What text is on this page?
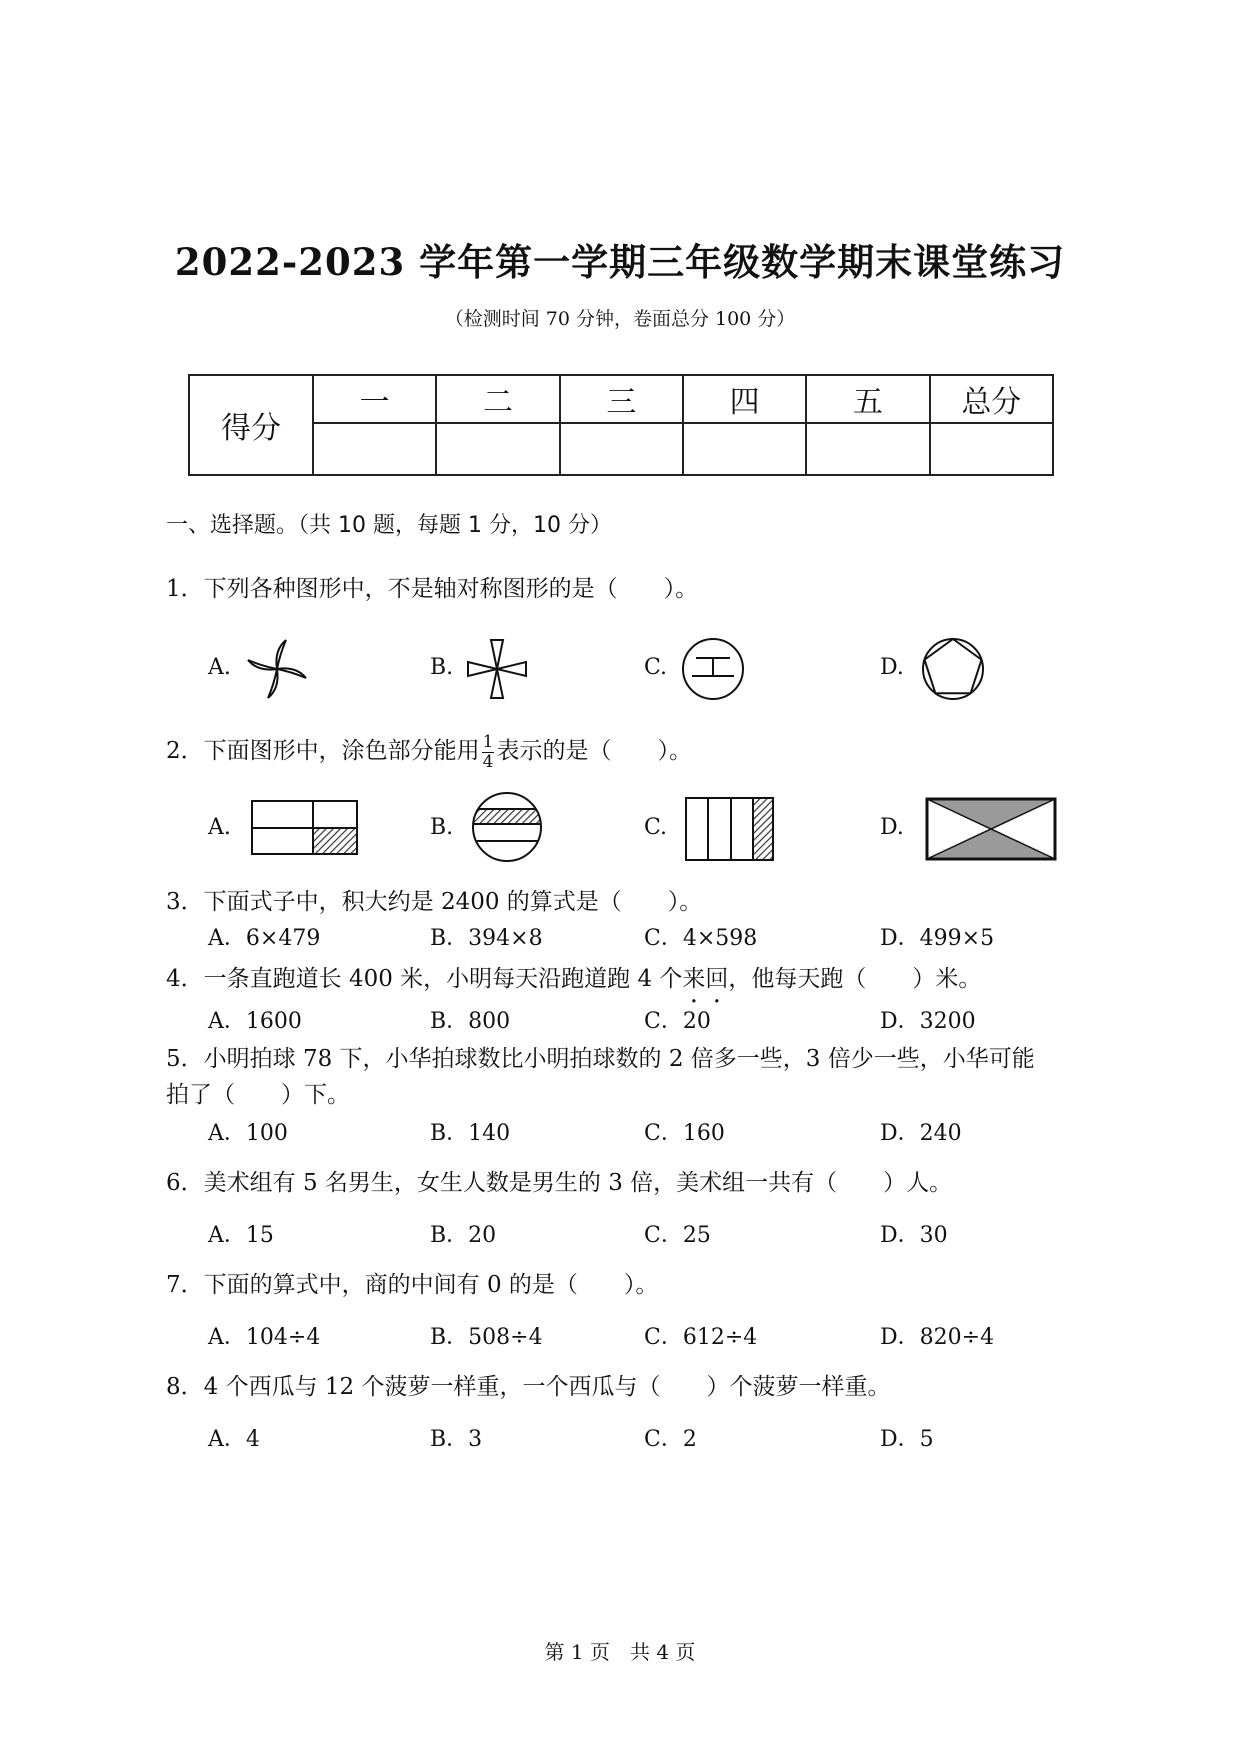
2022-2023 学年第一学期三年级数学期末课堂练习
（检测时间 70 分钟，卷面总分 100 分）
得分	一	二	三	四	五	总分

一、选择题。（共 10 题，每题 1 分，10 分）
1．下列各种图形中，不是轴对称图形的是（　　）。
A.	B.	C.	D.
2．下面图形中，涂色部分能用 $\frac{1}{4}$ 表示的是（　　）。
A.	B.	C.	D.
3．下面式子中，积大约是 2400 的算式是（　　）。
A．6×479	B．394×8	C．4×598	D．499×5
4．一条直跑道长 400 米，小明每天沿跑道跑 4 个来回，他每天跑（　　）米。
A．1600	B．800	C．20	D．3200
5．小明拍球 78 下，小华拍球数比小明拍球数的 2 倍多一些，3 倍少一些，小华可能
拍了（　　）下。
A．100	B．140	C．160	D．240
6．美术组有 5 名男生，女生人数是男生的 3 倍，美术组一共有（　　）人。
A．15	B．20	C．25	D．30
7．下面的算式中，商的中间有 0 的是（　　）。
A．104÷4	B．508÷4	C．612÷4	D．820÷4
8．4 个西瓜与 12 个菠萝一样重，一个西瓜与（　　）个菠萝一样重。
A．4	B．3	C．2	D．5
第 1 页　共 4 页
